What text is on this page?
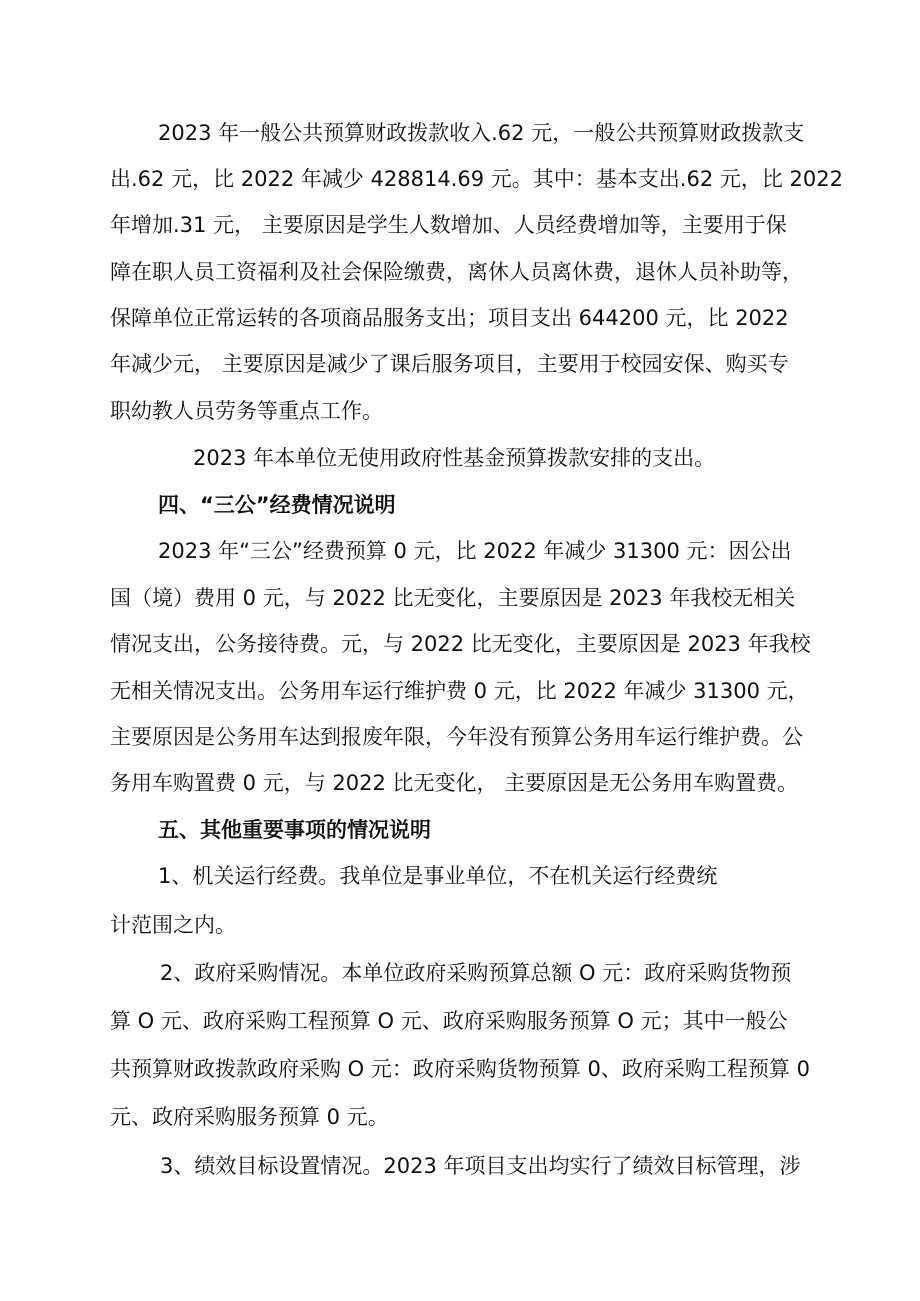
2023 年一般公共预算财政拨款收入.62 元，一般公共预算财政拨款支
出.62 元，比 2022 年减少 428814.69 元。其中：基本支出.62 元，比 2022
年增加.31 元， 主要原因是学生人数增加、人员经费增加等，主要用于保
障在职人员工资福利及社会保险缴费，离休人员离休费，退休人员补助等，
保障单位正常运转的各项商品服务支出；项目支出 644200 元，比 2022
年减少元， 主要原因是减少了课后服务项目，主要用于校园安保、购买专
职幼教人员劳务等重点工作。
2023 年本单位无使用政府性基金预算拨款安排的支出。
四、“三公”经费情况说明
2023 年“三公”经费预算 0 元，比 2022 年减少 31300 元：因公出
国（境）费用 0 元，与 2022 比无变化，主要原因是 2023 年我校无相关
情况支出，公务接待费。元，与 2022 比无变化，主要原因是 2023 年我校
无相关情况支出。公务用车运行维护费 0 元，比 2022 年减少 31300 元，
主要原因是公务用车达到报废年限，今年没有预算公务用车运行维护费。公
务用车购置费 0 元，与 2022 比无变化， 主要原因是无公务用车购置费。
五、其他重要事项的情况说明
1、机关运行经费。我单位是事业单位，不在机关运行经费统
计范围之内。
2、政府采购情况。本单位政府采购预算总额 O 元：政府采购货物预
算 O 元、政府采购工程预算 O 元、政府采购服务预算 O 元；其中一般公
共预算财政拨款政府采购 O 元：政府采购货物预算 0、政府采购工程预算 0
元、政府采购服务预算 0 元。
3、绩效目标设置情况。2023 年项目支出均实行了绩效目标管理，涉
